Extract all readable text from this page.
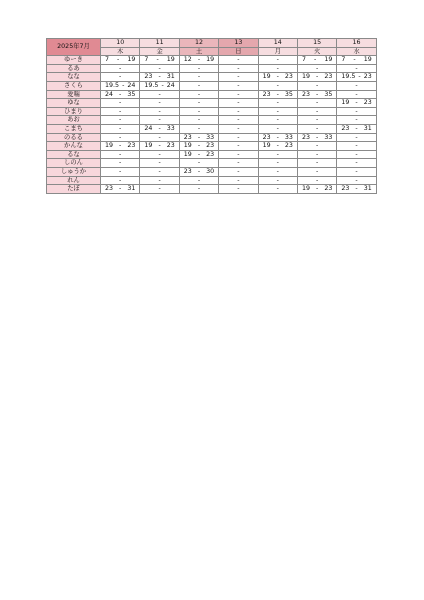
2025年7月	10	11	12	13	14	15	16
	木	金	土	日	月	火	水
ゆーき	7 - 19	7 - 19	12 - 19	-	-	7 - 19	7 - 19

るあ	-	-	-	-	-	-	-
なな	-	23 - 31	-	-	19 - 23	19 - 23	19.5 - 23

さくら	19.5 - 24	19.5 - 24	-	-	-	-	-
愛喘	24 - 35	-	-	-	23 - 35	23 - 35	-
ゆな	-	-	-	-	-	-	19 - 23

ひまり	-	-	-	-	-	-	-
あお	-	-	-	-	-	-	-
こまち	-	24 - 33	-	-	-	-	23 - 31

のるる	-	-	23 - 33	-	23 - 33	23 - 33	-
かんな	19 - 23	19 - 23	19 - 23	-	19 - 23	-	-
るな	-	-	19 - 23	-	-	-	-
しのん	-	-	-	-	-	-	-
しゅうか	-	-	23 - 30	-	-	-	-
れん	-	-	-	-	-	-	-
たぼ	23 - 31	-	-	-	-	19 - 23	23 - 31
